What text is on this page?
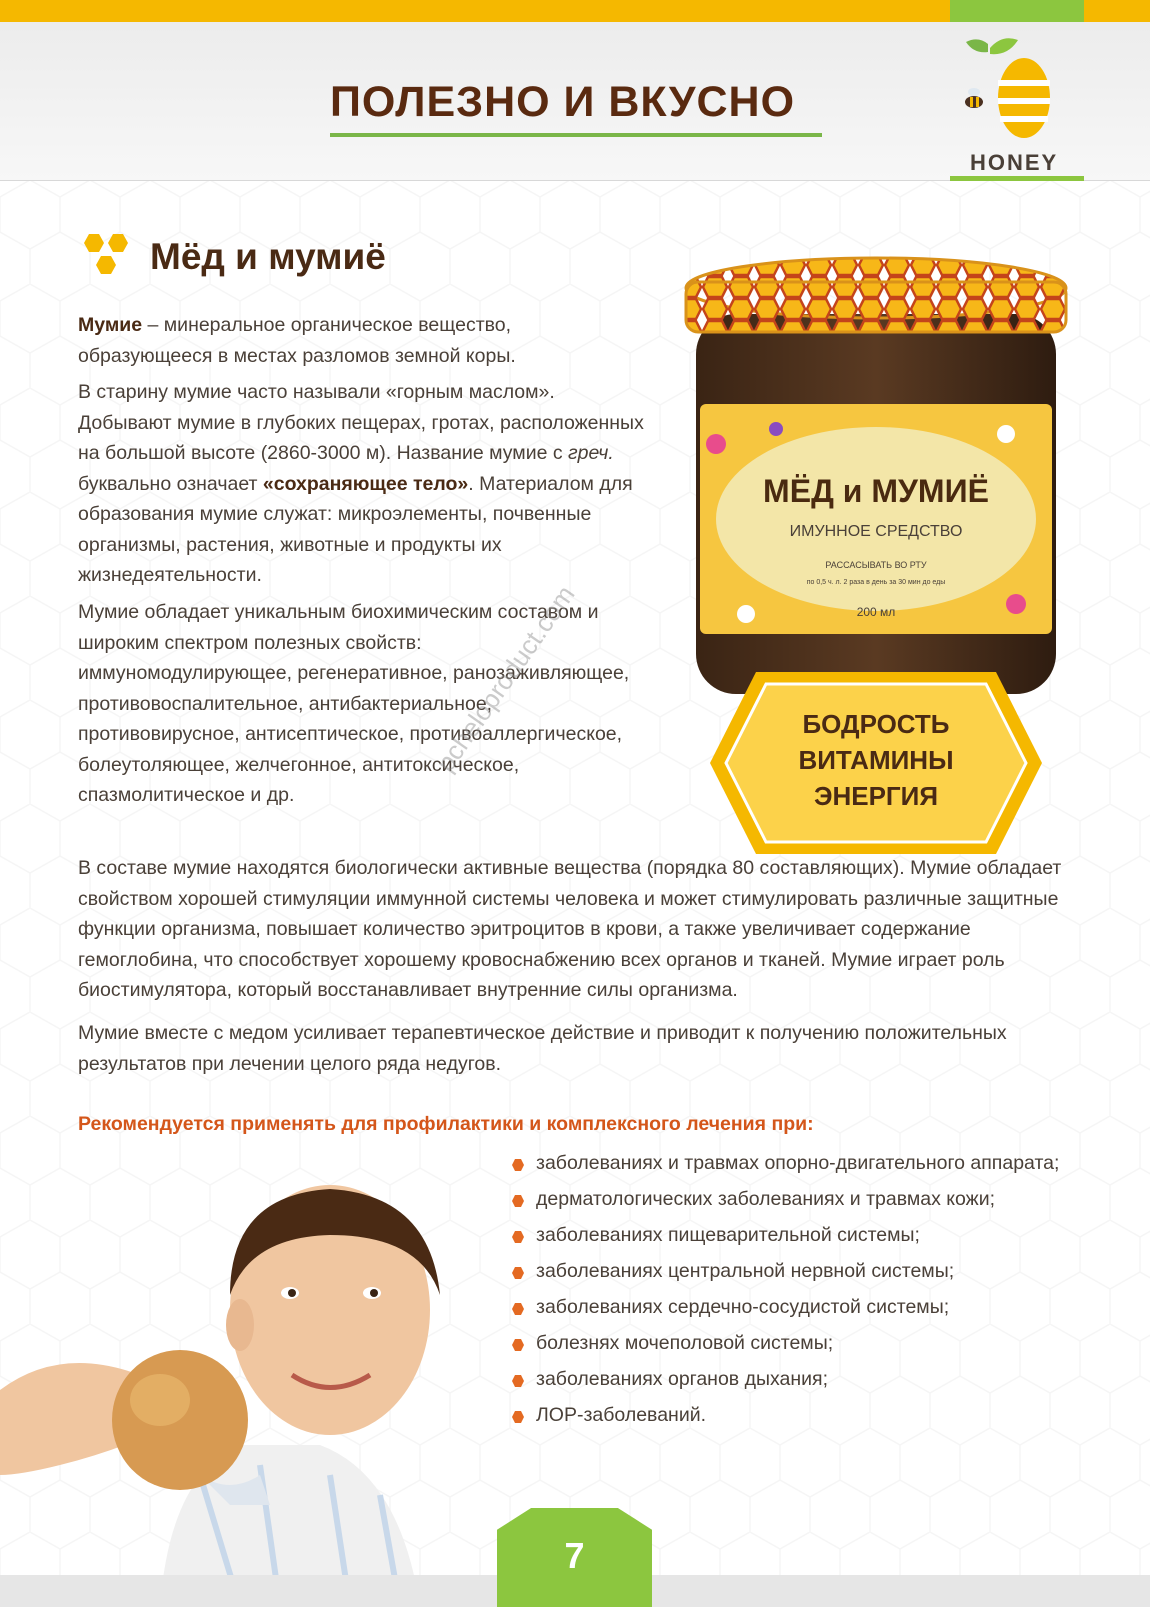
ПОЛЕЗНО И ВКУСНО
HONEY
Мёд и мумиё

Мумие – минеральное органическое вещество,
образующееся в местах разломов земной коры.

В старину мумие часто называли «горным маслом».
Добывают мумие в глубоких пещерах, гротах, расположенных
на большой высоте (2860-3000 м). Название мумие с греч.
буквально означает «сохраняющее тело». Материалом для
образования мумие служат: микроэлементы, почвенные
организмы, растения, животные и продукты их
жизнедеятельности.

Мумие обладает уникальным биохимическим составом и
широким спектром полезных свойств:
иммуномодулирующее, регенеративное, ранозаживляющее,
противовоспалительное, антибактериальное,
противовирусное, антисептическое, противоаллергическое,
болеутоляющее, желчегонное, антитоксическое,
спазмолитическое и др.

МЁД и МУМИЁ
ИМУННОЕ СРЕДСТВО
РАССАСЫВАТЬ ВО РТУ
по 0,5 ч. л. 2 раза в день за 30 мин до еды
200 мл
БОДРОСТЬ
ВИТАМИНЫ
ЭНЕРГИЯ
pcheloproduct.com

В составе мумие находятся биологически активные вещества (порядка 80 составляющих). Мумие обладает
свойством хорошей стимуляции иммунной системы человека и может стимулировать различные защитные
функции организма, повышает количество эритроцитов в крови, а также увеличивает содержание
гемоглобина, что способствует хорошему кровоснабжению всех органов и тканей. Мумие играет роль
биостимулятора, который восстанавливает внутренние силы организма.

Мумие вместе с медом усиливает терапевтическое действие и приводит к получению положительных
результатов при лечении целого ряда недугов.

Рекомендуется применять для профилактики и комплексного лечения при:
заболеваниях и травмах опорно-двигательного аппарата;
дерматологических заболеваниях и травмах кожи;
заболеваниях пищеварительной системы;
заболеваниях центральной нервной системы;
заболеваниях сердечно-сосудистой системы;
болезнях мочеполовой системы;
заболеваниях органов дыхания;
ЛОР-заболеваний.
7
